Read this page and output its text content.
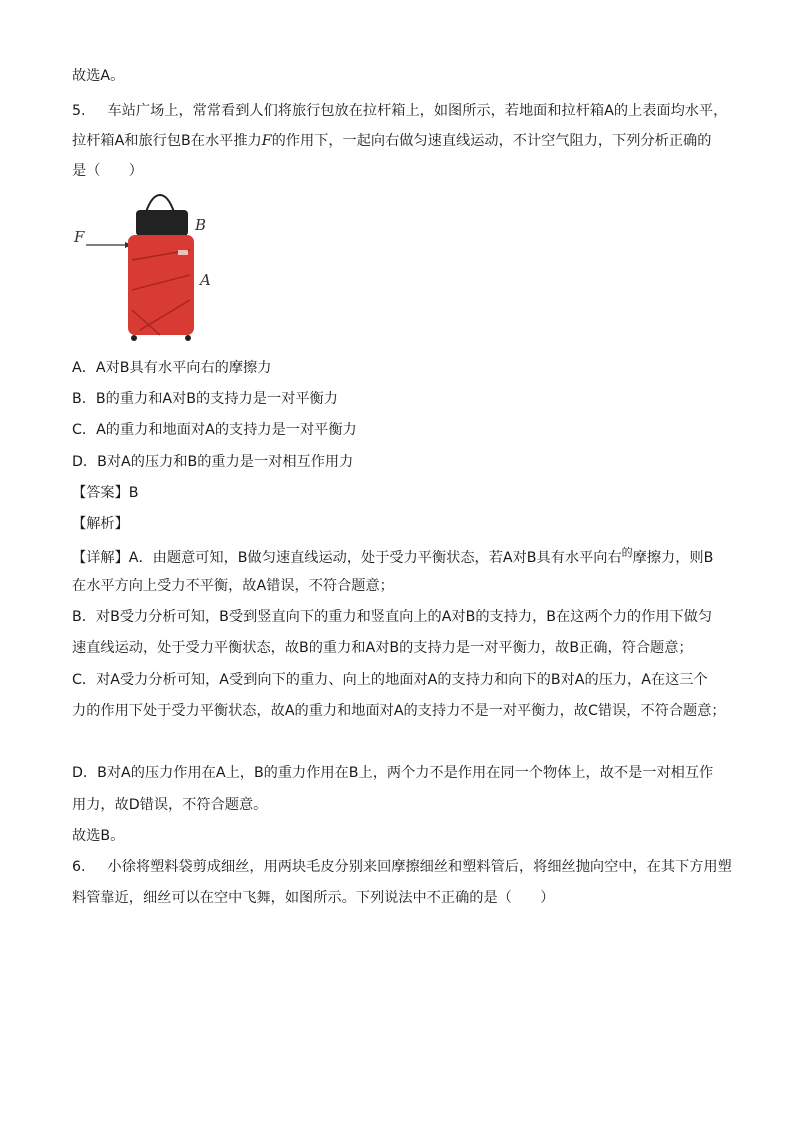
故选A。
5. 车站广场上，常常看到人们将旅行包放在拉杆箱上，如图所示，若地面和拉杆箱A的上表面均水平，
拉杆箱A和旅行包B在水平推力F的作用下，一起向右做匀速直线运动，不计空气阻力，下列分析正确的
是（　　）
F
B
A
A．A对B具有水平向右的摩擦力
B．B的重力和A对B的支持力是一对平衡力
C．A的重力和地面对A的支持力是一对平衡力
D．B对A的压力和B的重力是一对相互作用力
【答案】B
【解析】
【详解】A．由题意可知，B做匀速直线运动，处于受力平衡状态，若A对B具有水平向右$^的$摩擦力，则B
在水平方向上受力不平衡，故A错误，不符合题意；
B．对B受力分析可知，B受到竖直向下的重力和竖直向上的A对B的支持力，B在这两个力的作用下做匀
速直线运动，处于受力平衡状态，故B的重力和A对B的支持力是一对平衡力，故B正确，符合题意；
C．对A受力分析可知，A受到向下的重力、向上的地面对A的支持力和向下的B对A的压力，A在这三个
力的作用下处于受力平衡状态，故A的重力和地面对A的支持力不是一对平衡力，故C错误，不符合题意；
D．B对A的压力作用在A上，B的重力作用在B上，两个力不是作用在同一个物体上，故不是一对相互作
用力，故D错误，不符合题意。
故选B。
6. 小徐将塑料袋剪成细丝，用两块毛皮分别来回摩擦细丝和塑料管后，将细丝抛向空中，在其下方用塑
料管靠近，细丝可以在空中飞舞，如图所示。下列说法中不正确的是（　　）
